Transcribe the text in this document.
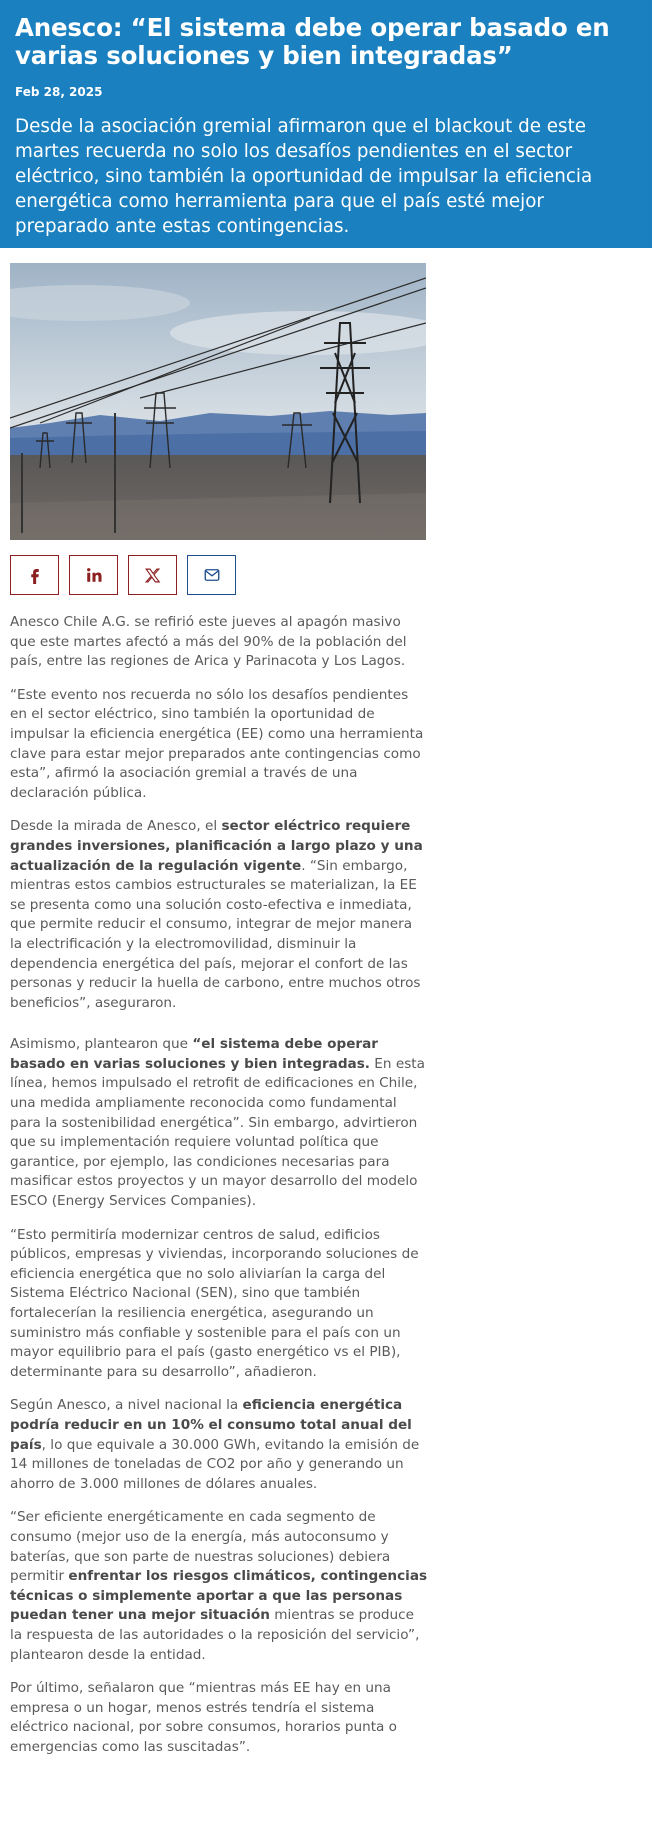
Anesco: “El sistema debe operar basado en varias soluciones y bien integradas”
Feb 28, 2025

Desde la asociación gremial afirmaron que el blackout de este martes recuerda no solo los desafíos pendientes en el sector eléctrico, sino también la oportunidad de impulsar la eficiencia energética como herramienta para que el país esté mejor preparado ante estas contingencias.

Anesco Chile A.G. se refirió este jueves al apagón masivo que este martes afectó a más del 90% de la población del país, entre las regiones de Arica y Parinacota y Los Lagos.

“Este evento nos recuerda no sólo los desafíos pendientes en el sector eléctrico, sino también la oportunidad de impulsar la eficiencia energética (EE) como una herramienta clave para estar mejor preparados ante contingencias como esta”, afirmó la asociación gremial a través de una declaración pública.

Desde la mirada de Anesco, el sector eléctrico requiere grandes inversiones, planificación a largo plazo y una actualización de la regulación vigente. “Sin embargo, mientras estos cambios estructurales se materializan, la EE se presenta como una solución costo-efectiva e inmediata, que permite reducir el consumo, integrar de mejor manera la electrificación y la electromovilidad, disminuir la dependencia energética del país, mejorar el confort de las personas y reducir la huella de carbono, entre muchos otros beneficios”, aseguraron.

Asimismo, plantearon que “el sistema debe operar basado en varias soluciones y bien integradas. En esta línea, hemos impulsado el retrofit de edificaciones en Chile, una medida ampliamente reconocida como fundamental para la sostenibilidad energética”. Sin embargo, advirtieron que su implementación requiere voluntad política que garantice, por ejemplo, las condiciones necesarias para masificar estos proyectos y un mayor desarrollo del modelo ESCO (Energy Services Companies).

“Esto permitiría modernizar centros de salud, edificios públicos, empresas y viviendas, incorporando soluciones de eficiencia energética que no solo aliviarían la carga del Sistema Eléctrico Nacional (SEN), sino que también fortalecerían la resiliencia energética, asegurando un suministro más confiable y sostenible para el país con un mayor equilibrio para el país (gasto energético vs el PIB), determinante para su desarrollo”, añadieron.

Según Anesco, a nivel nacional la eficiencia energética podría reducir en un 10% el consumo total anual del país, lo que equivale a 30.000 GWh, evitando la emisión de 14 millones de toneladas de CO2 por año y generando un ahorro de 3.000 millones de dólares anuales.

“Ser eficiente energéticamente en cada segmento de consumo (mejor uso de la energía, más autoconsumo y baterías, que son parte de nuestras soluciones) debiera permitir enfrentar los riesgos climáticos, contingencias técnicas o simplemente aportar a que las personas puedan tener una mejor situación mientras se produce la respuesta de las autoridades o la reposición del servicio”, plantearon desde la entidad.

Por último, señalaron que “mientras más EE hay en una empresa o un hogar, menos estrés tendría el sistema eléctrico nacional, por sobre consumos, horarios punta o emergencias como las suscitadas”.
